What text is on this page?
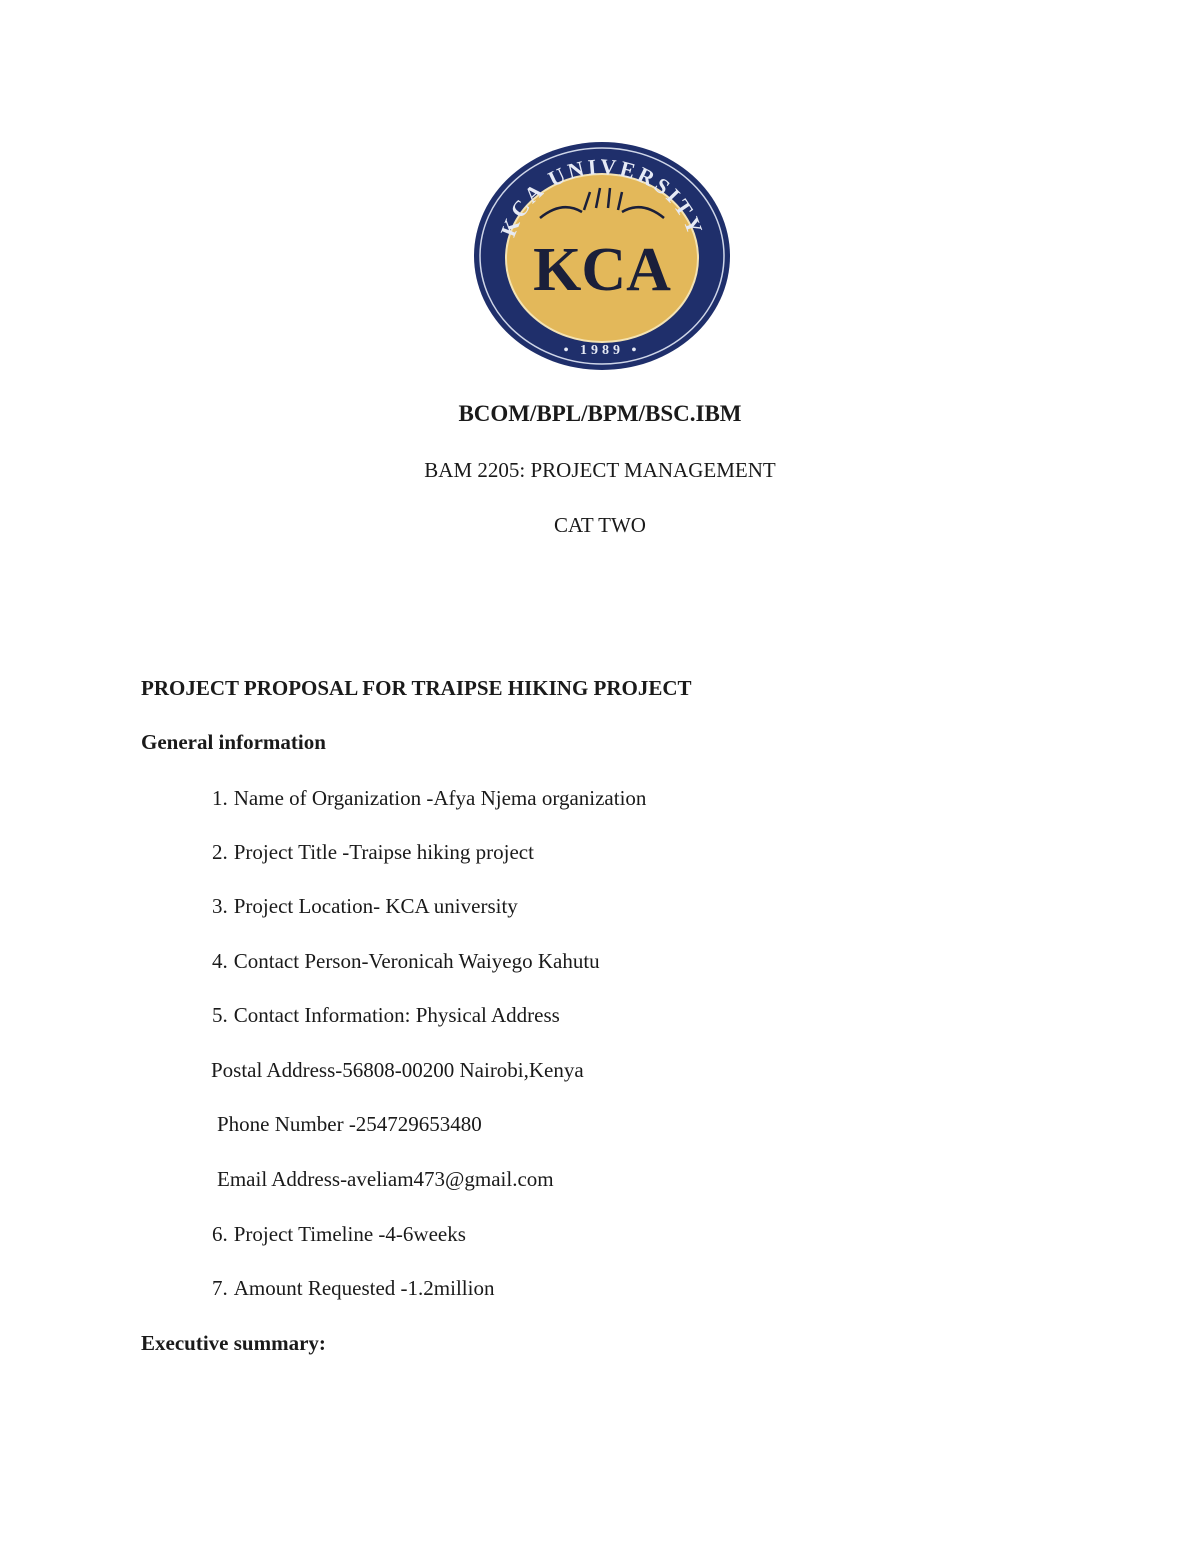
KCA UNIVERSITY
KCA
• 1989 •
BCOM/BPL/BPM/BSC.IBM
BAM 2205: PROJECT MANAGEMENT
CAT TWO
PROJECT PROPOSAL FOR TRAIPSE HIKING PROJECT
General information
1. Name of Organization -Afya Njema organization
2. Project Title -Traipse hiking project
3. Project Location- KCA university
4. Contact Person-Veronicah Waiyego Kahutu
5. Contact Information: Physical Address
Postal Address-56808-00200 Nairobi,Kenya
Phone Number -254729653480
Email Address-aveliam473@gmail.com
6. Project Timeline -4-6weeks
7. Amount Requested -1.2million
Executive summary:
